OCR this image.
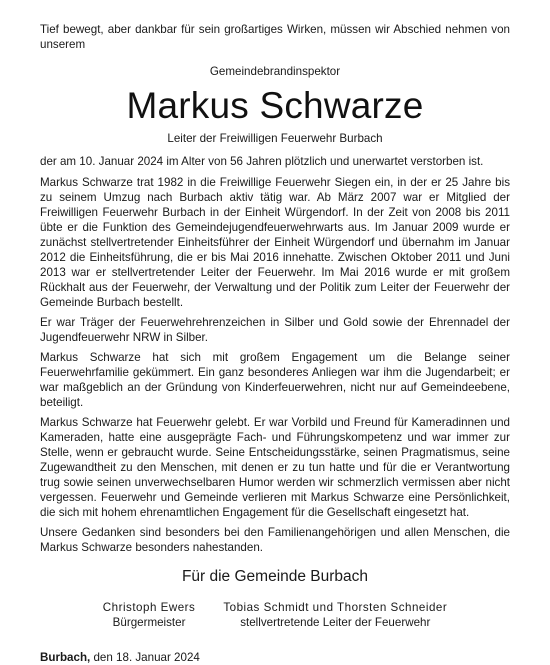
Tief bewegt, aber dankbar für sein großartiges Wirken, müssen wir Abschied nehmen von unserem

Gemeindebrandinspektor

Markus Schwarze

Leiter der Freiwilligen Feuerwehr Burbach

der am 10. Januar 2024 im Alter von 56 Jahren plötzlich und unerwartet verstorben ist.

Markus Schwarze trat 1982 in die Freiwillige Feuerwehr Siegen ein, in der er 25 Jahre bis zu seinem Umzug nach Burbach aktiv tätig war. Ab März 2007 war er Mitglied der Freiwilligen Feuerwehr Burbach in der Einheit Würgendorf. In der Zeit von 2008 bis 2011 übte er die Funktion des Gemeindejugendfeuerwehrwarts aus. Im Januar 2009 wurde er zunächst stellvertretender Einheitsführer der Einheit Würgendorf und übernahm im Januar 2012 die Einheitsführung, die er bis Mai 2016 innehatte. Zwischen Oktober 2011 und Juni 2013 war er stellvertretender Leiter der Feuerwehr. Im Mai 2016 wurde er mit großem Rückhalt aus der Feuerwehr, der Verwaltung und der Politik zum Leiter der Feuerwehr der Gemeinde Burbach bestellt.

Er war Träger der Feuerwehrehrenzeichen in Silber und Gold sowie der Ehrennadel der Jugendfeuerwehr NRW in Silber.

Markus Schwarze hat sich mit großem Engagement um die Belange seiner Feuerwehrfamilie gekümmert. Ein ganz besonderes Anliegen war ihm die Jugendarbeit; er war maßgeblich an der Gründung von Kinderfeuerwehren, nicht nur auf Gemeindeebene, beteiligt.

Markus Schwarze hat Feuerwehr gelebt. Er war Vorbild und Freund für Kameradinnen und Kameraden, hatte eine ausgeprägte Fach- und Führungskompetenz und war immer zur Stelle, wenn er gebraucht wurde. Seine Entscheidungsstärke, seinen Pragmatismus, seine Zugewandtheit zu den Menschen, mit denen er zu tun hatte und für die er Verantwortung trug sowie seinen unverwechselbaren Humor werden wir schmerzlich vermissen aber nicht vergessen. Feuerwehr und Gemeinde verlieren mit Markus Schwarze eine Persönlichkeit, die sich mit hohem ehrenamtlichen Engagement für die Gesellschaft eingesetzt hat.

Unsere Gedanken sind besonders bei den Familienangehörigen und allen Menschen, die Markus Schwarze besonders nahestanden.

Für die Gemeinde Burbach
Christoph Ewers
Bürgermeister
Tobias Schmidt und Thorsten Schneider
stellvertretende Leiter der Feuerwehr

Burbach, den 18. Januar 2024
